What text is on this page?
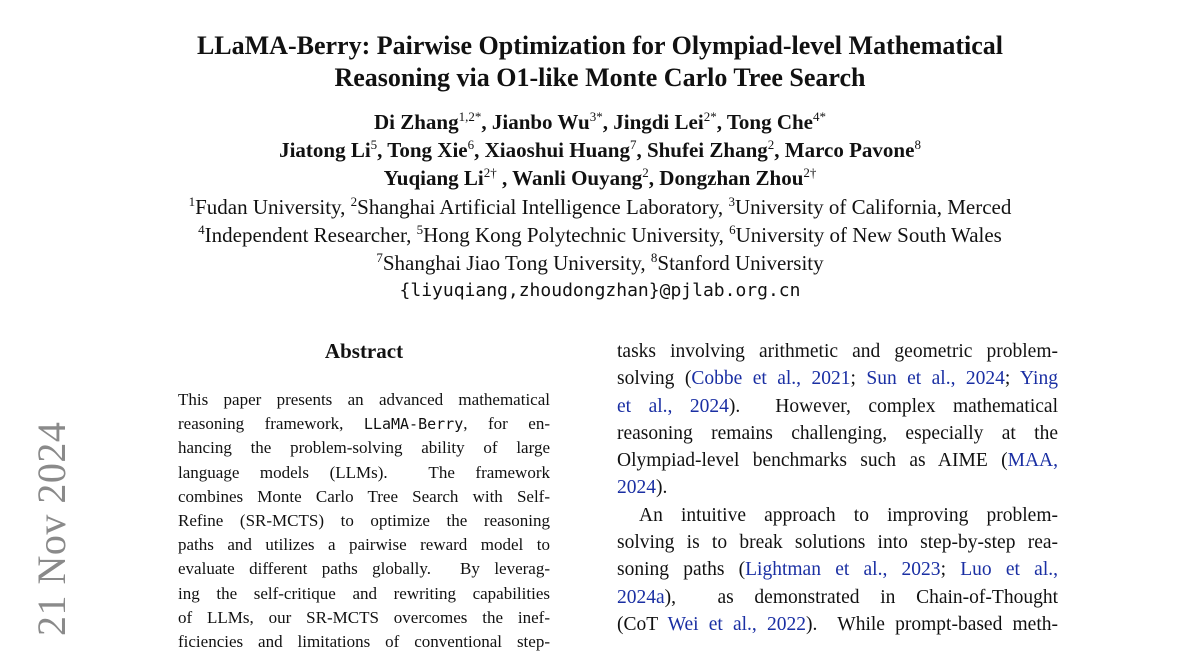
LLaMA-Berry: Pairwise Optimization for Olympiad-level Mathematical
Reasoning via O1-like Monte Carlo Tree Search
Di Zhang$^{1,2*}$, Jianbo $Wu^{3*}$, Jingdi Lei$^{2*}$, Tong Che$^{4*}$
Jiatong Li$^5$, Tong Xie$^6$, Xiaoshui Huang$^7$, Shufei Zhang$^2$, Marco Pavone$^8$
Yuqiang $Li^{2\dagger}$ , Wanli Ouyang$^2$, Dongzhan Zhou$^{2\dagger}$
$^1$Fudan University, $^2$Shanghai Artificial Intelligence Laboratory, $^3$University of California, Merced
$^4$Independent Researcher, $^5$Hong Kong Polytechnic University, $^6$University of New South Wales
$^7$Shanghai Jiao Tong University, $^8$Stanford University
{liyuqiang,zhoudongzhan}@pjlab.org.cn
21 Nov 2024
Abstract
This paper presents an advanced mathematical
reasoning framework, LLaMA-Berry, for en-
hancing the problem-solving ability of large
language models (LLMs).  The framework
combines Monte Carlo Tree Search with Self-
Refine (SR-MCTS) to optimize the reasoning
paths and utilizes a pairwise reward model to
evaluate different paths globally.  By leverag-
ing the self-critique and rewriting capabilities
of LLMs, our SR-MCTS overcomes the inef-
ficiencies and limitations of conventional step-
tasks involving arithmetic and geometric problem-
solving (Cobbe et al., 2021; Sun et al., 2024; Ying
et al., 2024).  However, complex mathematical
reasoning remains challenging, especially at the
Olympiad-level benchmarks such as AIME (MAA,
2024).
An intuitive approach to improving problem-
solving is to break solutions into step-by-step rea-
soning paths (Lightman et al., 2023; Luo et al.,
2024a),  as demonstrated in Chain-of-Thought
(CoT Wei et al., 2022).  While prompt-based meth-
